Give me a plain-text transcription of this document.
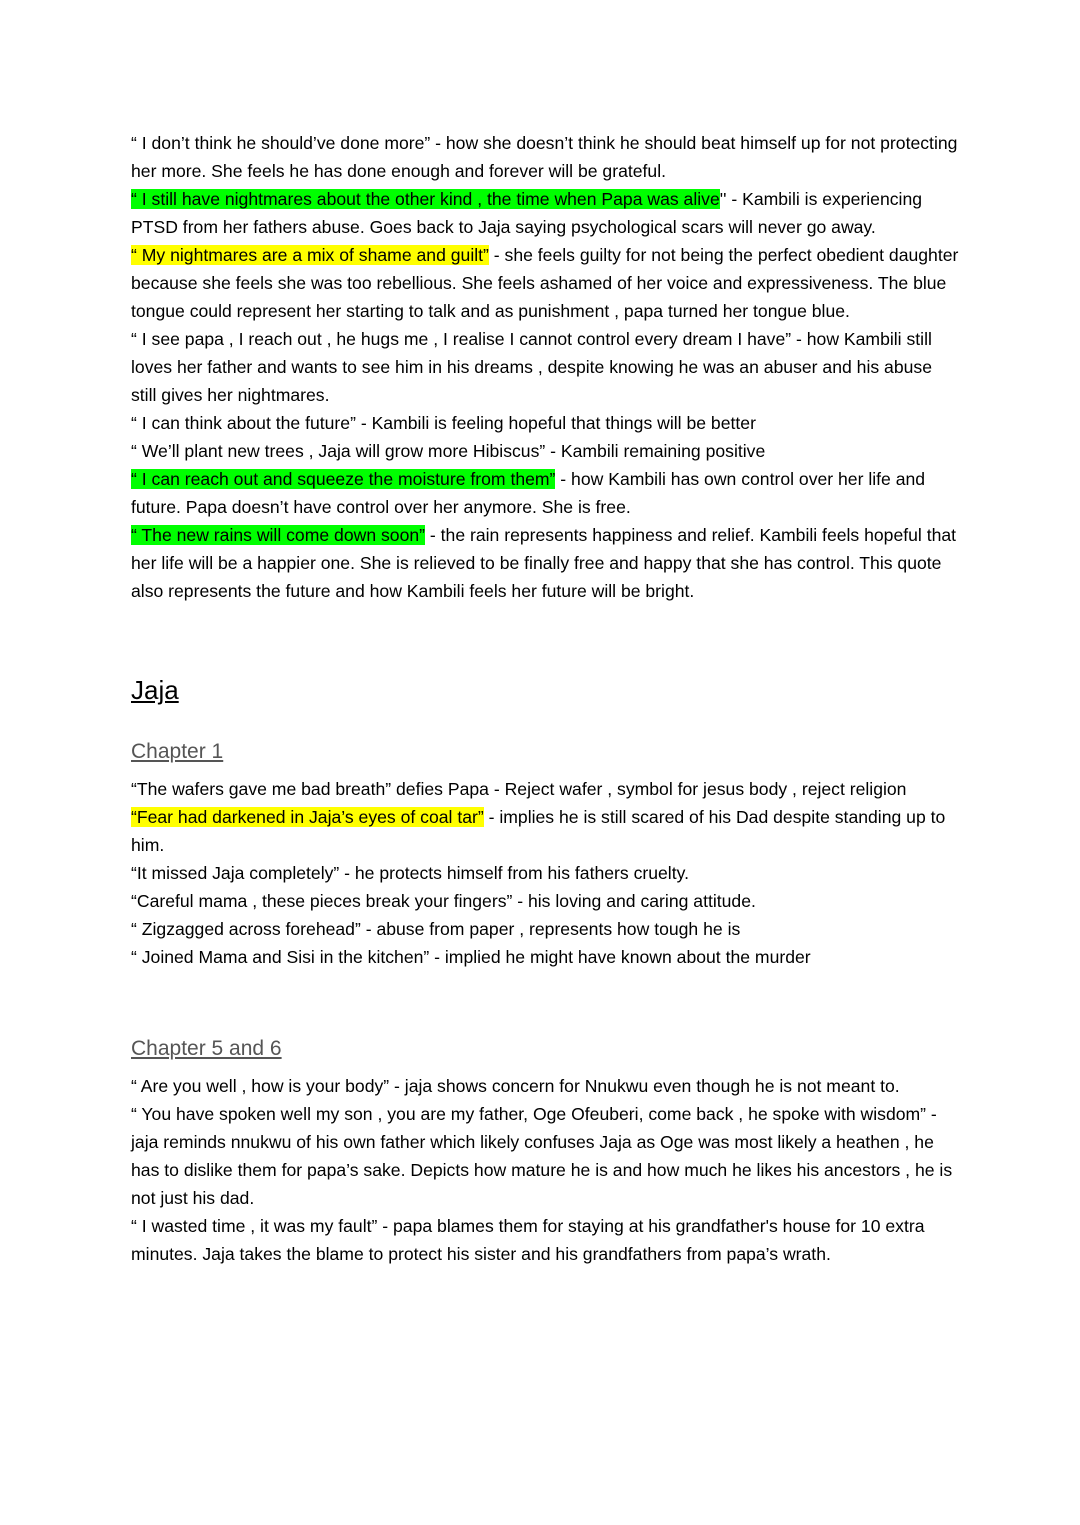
“ I don’t think he should’ve done more” - how she doesn’t think he should beat himself up for not protecting her more. She feels he has done enough and forever will be grateful.

“ I still have nightmares about the other kind , the time when Papa was alive'' - Kambili is experiencing PTSD from her fathers abuse. Goes back to Jaja saying psychological scars will never go away.

“ My nightmares are a mix of shame and guilt” - she feels guilty for not being the perfect obedient daughter because she feels she was too rebellious. She feels ashamed of her voice and expressiveness. The blue tongue could represent her starting to talk and as punishment , papa turned her tongue blue.

“ I see papa , I reach out , he hugs me , I realise I cannot control every dream I have” - how Kambili still loves her father and wants to see him in his dreams , despite knowing he was an abuser and his abuse still gives her nightmares.

“ I can think about the future” - Kambili is feeling hopeful that things will be better

“ We’ll plant new trees , Jaja will grow more Hibiscus” - Kambili remaining positive

“ I can reach out and squeeze the moisture from them” - how Kambili has own control over her life and future. Papa doesn’t have control over her anymore. She is free.

“ The new rains will come down soon” - the rain represents happiness and relief. Kambili feels hopeful that her life will be a happier one. She is relieved to be finally free and happy that she has control. This quote also represents the future and how Kambili feels her future will be bright.

Jaja
Chapter 1

“The wafers gave me bad breath” defies Papa - Reject wafer , symbol for jesus body , reject religion

“Fear had darkened in Jaja’s eyes of coal tar” - implies he is still scared of his Dad despite standing up to him.

“It missed Jaja completely” - he protects himself from his fathers cruelty.

“Careful mama , these pieces break your fingers” - his loving and caring attitude.

“ Zigzagged across forehead” - abuse from paper , represents how tough he is

“ Joined Mama and Sisi in the kitchen” - implied he might have known about the murder

Chapter 5 and 6

“ Are you well , how is your body” - jaja shows concern for Nnukwu even though he is not meant to.

“ You have spoken well my son , you are my father, Oge Ofeuberi, come back , he spoke with wisdom” - jaja reminds nnukwu of his own father which likely confuses Jaja as Oge was most likely a heathen , he has to dislike them for papa’s sake. Depicts how mature he is and how much he likes his ancestors , he is not just his dad.

“ I wasted time , it was my fault” - papa blames them for staying at his grandfather's house for 10 extra minutes. Jaja takes the blame to protect his sister and his grandfathers from papa’s wrath.
